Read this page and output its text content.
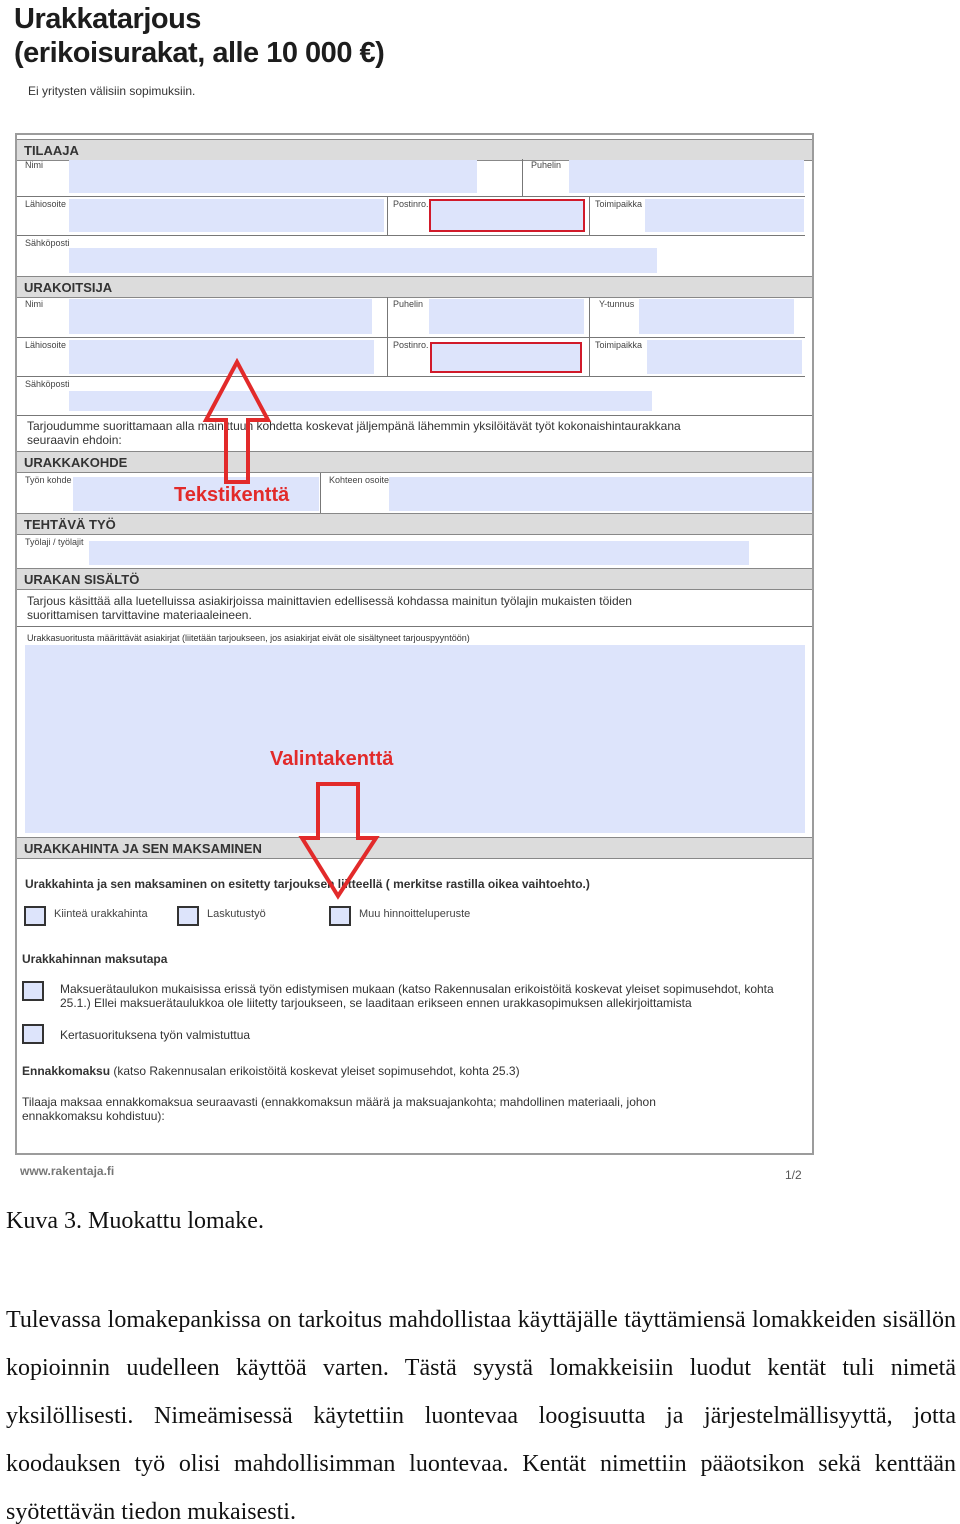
Urakkatarjous
(erikoisurakat, alle 10 000 €)
Ei yritysten välisiin sopimuksiin.
TILAAJA
Nimi	Puhelin
Lähiosoite	Postinro.	Toimipaikka
Sähköposti
URAKOITSIJA
Nimi	Puhelin	Y-tunnus
Lähiosoite	Postinro.	Toimipaikka
Sähköposti
Tarjoudumme suorittamaan alla mainittuun kohdetta koskevat jäljempänä lähemmin yksilöitävät työt kokonaishintaurakkana seuraavin ehdoin:
URAKKAKOHDE
Työn kohde	Kohteen osoite
TEHTÄVÄ TYÖ
Työlaji / työlajit
URAKAN SISÄLTÖ
Tarjous käsittää alla luetelluissa asiakirjoissa mainittavien edellisessä kohdassa mainitun työlajin mukaisten töiden suorittamisen tarvittavine materiaaleineen.
Urakkasuoritusta määrittävät asiakirjat (liitetään tarjoukseen, jos asiakirjat eivät ole sisältyneet tarjouspyyntöön)
URAKKAHINTA JA SEN MAKSAMINEN
Urakkahinta ja sen maksaminen on esitetty tarjouksen liitteellä ( merkitse rastilla oikea vaihtoehto.)
Kiinteä urakkahinta	Laskutustyö	Muu hinnoitteluperuste
Urakkahinnan maksutapa
Maksuerätaulukon mukaisissa erissä työn edistymisen mukaan (katso Rakennusalan erikoistöitä koskevat yleiset sopimusehdot, kohta 25.1.) Ellei maksuerätaulukkoa ole liitetty tarjoukseen, se laaditaan erikseen ennen urakkasopimuksen allekirjoittamista
Kertasuorituksena työn valmistuttua
Ennakkomaksu (katso Rakennusalan erikoistöitä koskevat yleiset sopimusehdot, kohta 25.3)
Tilaaja maksaa ennakkomaksua seuraavasti (ennakkomaksun määrä ja maksuajankohta; mahdollinen materiaali, johon ennakkomaksu kohdistuu):
Tekstikenttä
Valintakenttä
www.rakentaja.fi	1/2
Kuva 3. Muokattu lomake.
Tulevassa lomakepankissa on tarkoitus mahdollistaa käyttäjälle täyttämiensä lomakkeiden sisällön kopioinnin uudelleen käyttöä varten. Tästä syystä lomakkeisiin luodut kentät tuli nimetä yksilöllisesti. Nimeämisessä käytettiin luontevaa loogisuutta ja järjestelmällisyyttä, jotta koodauksen työ olisi mahdollisimman luontevaa. Kentät nimettiin pääotsikon sekä kenttään syötettävän tiedon mukaisesti.
